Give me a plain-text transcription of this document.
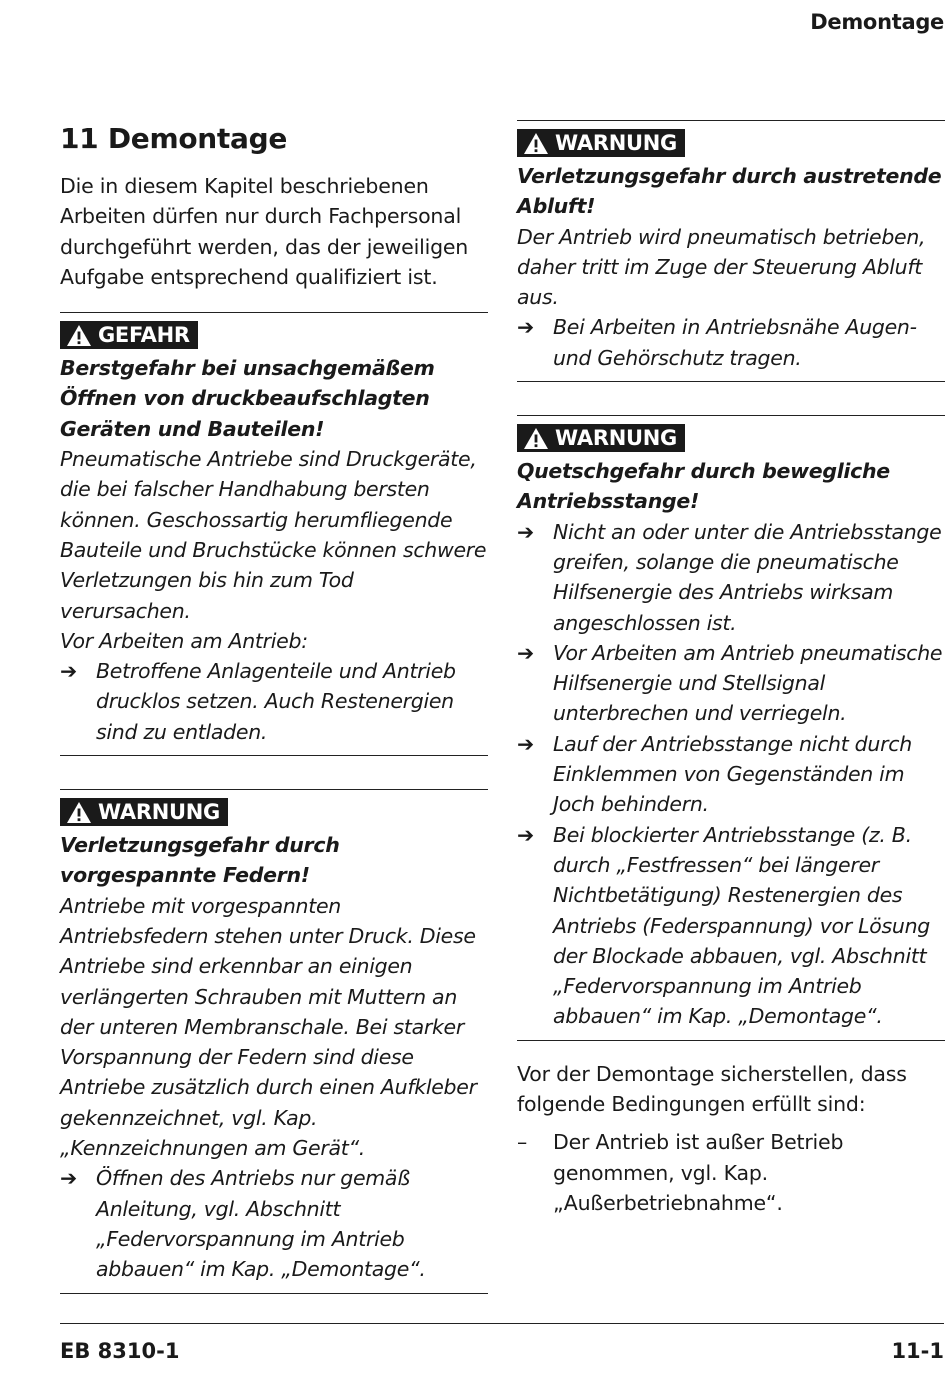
Demontage
11 Demontage

Die in diesem Kapitel beschriebenen Arbeiten dürfen nur durch Fachpersonal durchgeführt werden, das der jeweiligen Aufgabe entsprechend qualifiziert ist.

GEFAHR
Berstgefahr bei unsachgemäßem Öffnen von druckbeaufschlagten Geräten und Bauteilen!
Pneumatische Antriebe sind Druckgeräte, die bei falscher Handhabung bersten können. Geschossartig herumfliegende Bauteile und Bruchstücke können schwere Verletzungen bis hin zum Tod verursachen.
Vor Arbeiten am Antrieb:
➔ Betroffene Anlagenteile und Antrieb drucklos setzen. Auch Restenergien sind zu entladen.
WARNUNG
Verletzungsgefahr durch vorgespannte Federn!
Antriebe mit vorgespannten Antriebsfedern stehen unter Druck. Diese Antriebe sind erkennbar an einigen verlängerten Schrauben mit Muttern an der unteren Membranschale. Bei starker Vorspannung der Federn sind diese Antriebe zusätzlich durch einen Aufkleber gekennzeichnet, vgl. Kap. „Kennzeichnungen am Gerät“.
➔ Öffnen des Antriebs nur gemäß Anleitung, vgl. Abschnitt „Federvorspannung im Antrieb abbauen“ im Kap. „Demontage“.
WARNUNG
Verletzungsgefahr durch austretende Abluft!
Der Antrieb wird pneumatisch betrieben, daher tritt im Zuge der Steuerung Abluft aus.
➔ Bei Arbeiten in Antriebsnähe Augen- und Gehörschutz tragen.
WARNUNG
Quetschgefahr durch bewegliche Antriebsstange!
➔ Nicht an oder unter die Antriebsstange greifen, solange die pneumatische Hilfsenergie des Antriebs wirksam angeschlossen ist.
➔ Vor Arbeiten am Antrieb pneumatische Hilfsenergie und Stellsignal unterbrechen und verriegeln.
➔ Lauf der Antriebsstange nicht durch Einklemmen von Gegenständen im Joch behindern.
➔ Bei blockierter Antriebsstange (z. B. durch „Festfressen“ bei längerer Nichtbetätigung) Restenergien des Antriebs (Federspannung) vor Lösung der Blockade abbauen, vgl. Abschnitt „Federvorspannung im Antrieb abbauen“ im Kap. „Demontage“.

Vor der Demontage sicherstellen, dass folgende Bedingungen erfüllt sind:

–	Der Antrieb ist außer Betrieb genommen, vgl. Kap. „Außerbetriebnahme“.
EB 8310-1	11-1
